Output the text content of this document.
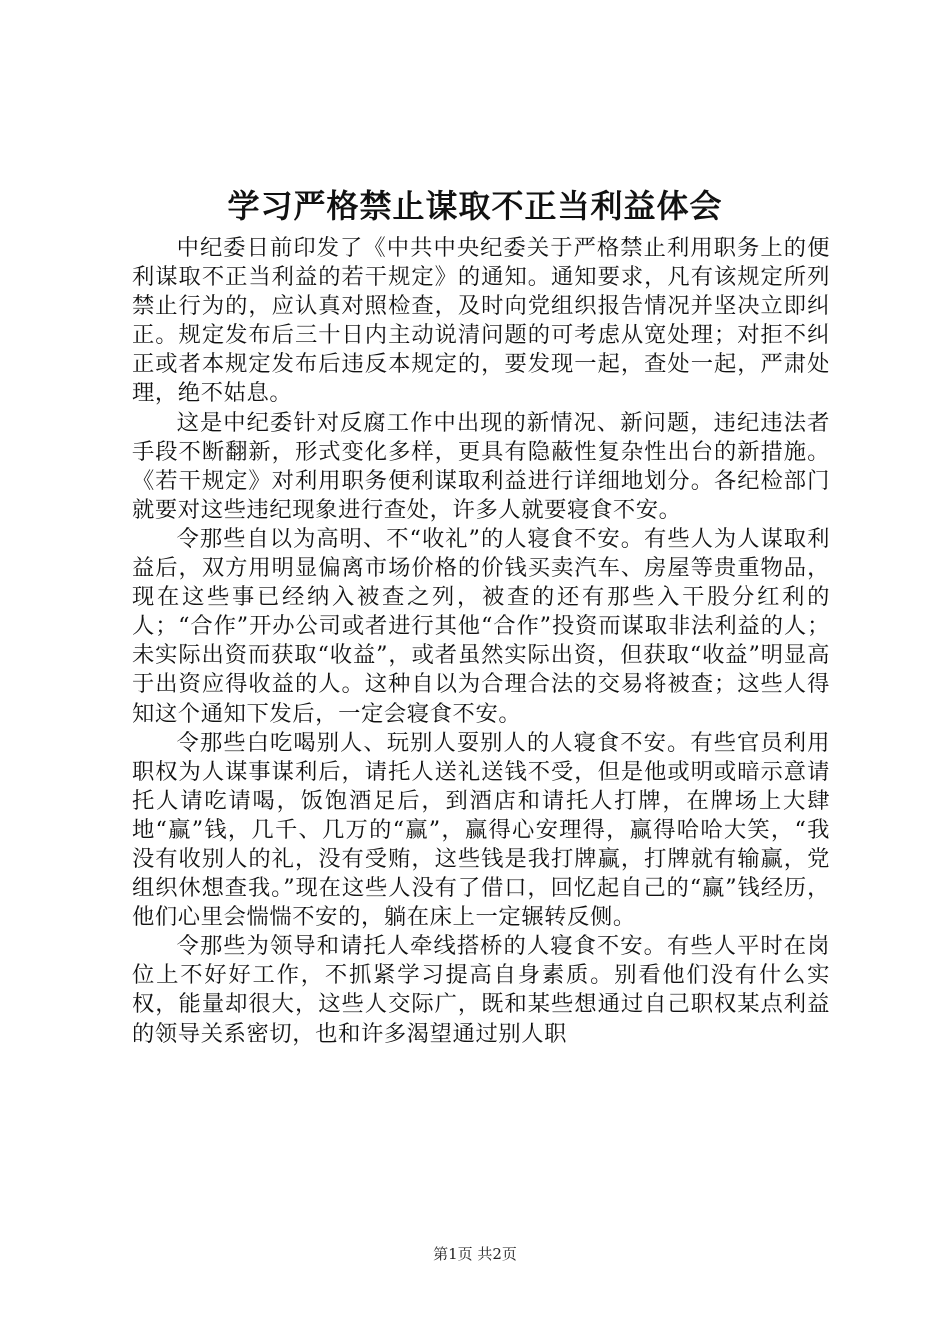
学习严格禁止谋取不正当利益体会

中纪委日前印发了《中共中央纪委关于严格禁止利用职务上的便利谋取不正当利益的若干规定》的通知。通知要求，凡有该规定所列禁止行为的，应认真对照检查，及时向党组织报告情况并坚决立即纠正。规定发布后三十日内主动说清问题的可考虑从宽处理；对拒不纠正或者本规定发布后违反本规定的，要发现一起，查处一起，严肃处理，绝不姑息。

这是中纪委针对反腐工作中出现的新情况、新问题，违纪违法者手段不断翻新，形式变化多样，更具有隐蔽性复杂性出台的新措施。《若干规定》对利用职务便利谋取利益进行详细地划分。各纪检部门就要对这些违纪现象进行查处，许多人就要寝食不安。

令那些自以为高明、不“收礼”的人寝食不安。有些人为人谋取利益后，双方用明显偏离市场价格的价钱买卖汽车、房屋等贵重物品，现在这些事已经纳入被查之列，被查的还有那些入干股分红利的人；“合作”开办公司或者进行其他“合作”投资而谋取非法利益的人；未实际出资而获取“收益”，或者虽然实际出资，但获取“收益”明显高于出资应得收益的人。这种自以为合理合法的交易将被查；这些人得知这个通知下发后，一定会寝食不安。

令那些白吃喝别人、玩别人耍别人的人寝食不安。有些官员利用职权为人谋事谋利后，请托人送礼送钱不受，但是他或明或暗示意请托人请吃请喝，饭饱酒足后，到酒店和请托人打牌，在牌场上大肆地“赢”钱，几千、几万的“赢”，赢得心安理得，赢得哈哈大笑，“我没有收别人的礼，没有受贿，这些钱是我打牌赢，打牌就有输赢，党组织休想查我。”现在这些人没有了借口，回忆起自己的“赢”钱经历，他们心里会惴惴不安的，躺在床上一定辗转反侧。

令那些为领导和请托人牵线搭桥的人寝食不安。有些人平时在岗位上不好好工作，不抓紧学习提高自身素质。别看他们没有什么实权，能量却很大，这些人交际广，既和某些想通过自己职权某点利益的领导关系密切，也和许多渴望通过别人职

第1页 共2页
